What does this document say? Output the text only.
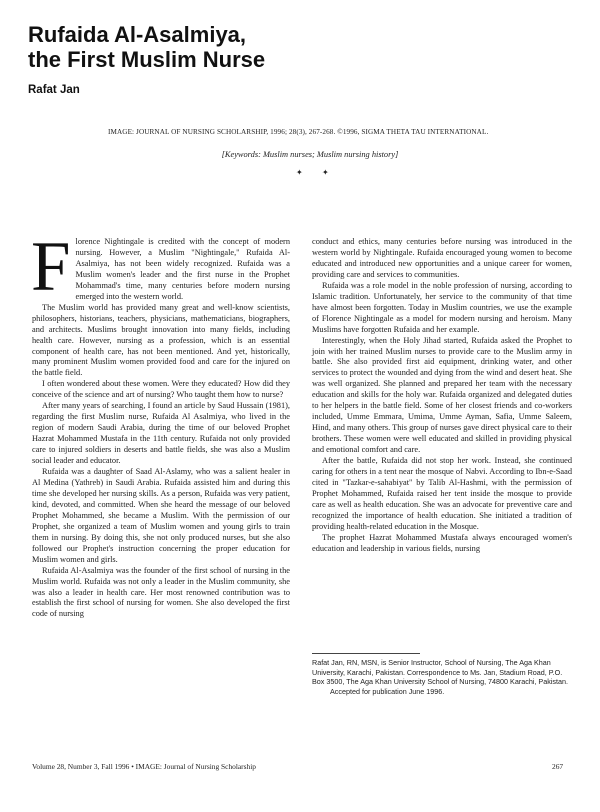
Rufaida Al-Asalmiya,
the First Muslim Nurse
Rafat Jan
IMAGE: JOURNAL OF NURSING SCHOLARSHIP, 1996; 28(3), 267-268. ©1996, SIGMA THETA TAU INTERNATIONAL.
[Keywords: Muslim nurses; Muslim nursing history]
✦ ✦

Florence Nightingale is credited with the concept of modern nursing. However, a Muslim "Nightingale," Rufaida Al-Asalmiya, has not been widely recognized. Rufaida was a Muslim women's leader and the first nurse in the Prophet Mohammad's time, many centuries before modern nursing emerged into the western world.

The Muslim world has provided many great and well-know scientists, philosophers, historians, teachers, physicians, mathematicians, biographers, and architects. Muslims brought innovation into many fields, including health care. However, nursing as a profession, which is an essential component of health care, has not been mentioned. And yet, historically, many prominent Muslim women provided food and care for the injured on the battle field.

I often wondered about these women. Were they educated? How did they conceive of the science and art of nursing? Who taught them how to nurse?

After many years of searching, I found an article by Saud Hussain (1981), regarding the first Muslim nurse, Rufaida Al Asalmiya, who lived in the region of modern Saudi Arabia, during the time of our beloved Prophet Hazrat Mohammed Mustafa in the 11th century. Rufaida not only provided care to injured soldiers in deserts and battle fields, she was also a Muslim social leader and educator.

Rufaida was a daughter of Saad Al-Aslamy, who was a salient healer in Al Medina (Yathreb) in Saudi Arabia. Rufaida assisted him and during this time she developed her nursing skills. As a person, Rufaida was very patient, kind, devoted, and committed. When she heard the message of our beloved Prophet Mohammed, she became a Muslim. With the permission of our Prophet, she organized a team of Muslim women and young girls to train them in nursing. By doing this, she not only produced nurses, but she also followed our Prophet's instruction concerning the proper education for Muslim women and girls.

Rufaida Al-Asalmiya was the founder of the first school of nursing in the Muslim world. Rufaida was not only a leader in the Muslim community, she was also a leader in health care. Her most renowned contribution was to establish the first school of nursing for women. She also developed the first code of nursing

conduct and ethics, many centuries before nursing was introduced in the western world by Nightingale. Rufaida encouraged young women to become educated and introduced new opportunities and a unique career for women, providing care and services to communities.

Rufaida was a role model in the noble profession of nursing, according to Islamic tradition. Unfortunately, her service to the community of that time have almost been forgotten. Today in Muslim countries, we use the example of Florence Nightingale as a model for modern nursing and heroism. Many Muslims have forgotten Rufaida and her example.

Interestingly, when the Holy Jihad started, Rufaida asked the Prophet to join with her trained Muslim nurses to provide care to the Muslim army in battle. She also provided first aid equipment, drinking water, and other services to protect the wounded and dying from the wind and desert heat. She was well organized. She planned and prepared her team with the necessary education and skills for the holy war. Rufaida organized and delegated duties to her helpers in the battle field. Some of her closest friends and co-workers included, Umme Emmara, Umima, Umme Ayman, Safia, Umme Saleem, Hind, and many others. This group of nurses gave direct physical care to their brothers. These women were well educated and skilled in providing physical and emotional comfort and care.

After the battle, Rufaida did not stop her work. Instead, she continued caring for others in a tent near the mosque of Nabvi. According to Ibn-e-Saad cited in "Tazkar-e-sahabiyat" by Talib Al-Hashmi, with the permission of Prophet Mohammed, Rufaida raised her tent inside the mosque to provide care as well as health education. She was an advocate for preventive care and recognized the importance of health education. She initiated a tradition of providing health-related education in the Mosque.

The prophet Hazrat Mohammed Mustafa always encouraged women's education and leadership in various fields, nursing

Rafat Jan, RN, MSN, is Senior Instructor, School of Nursing, The Aga Khan University, Karachi, Pakistan. Correspondence to Ms. Jan, Stadium Road, P.O. Box 3500, The Aga Khan University School of Nursing, 74800 Karachi, Pakistan.
Accepted for publication June 1996.
Volume 28, Number 3, Fall 1996 • IMAGE: Journal of Nursing Scholarship	267
